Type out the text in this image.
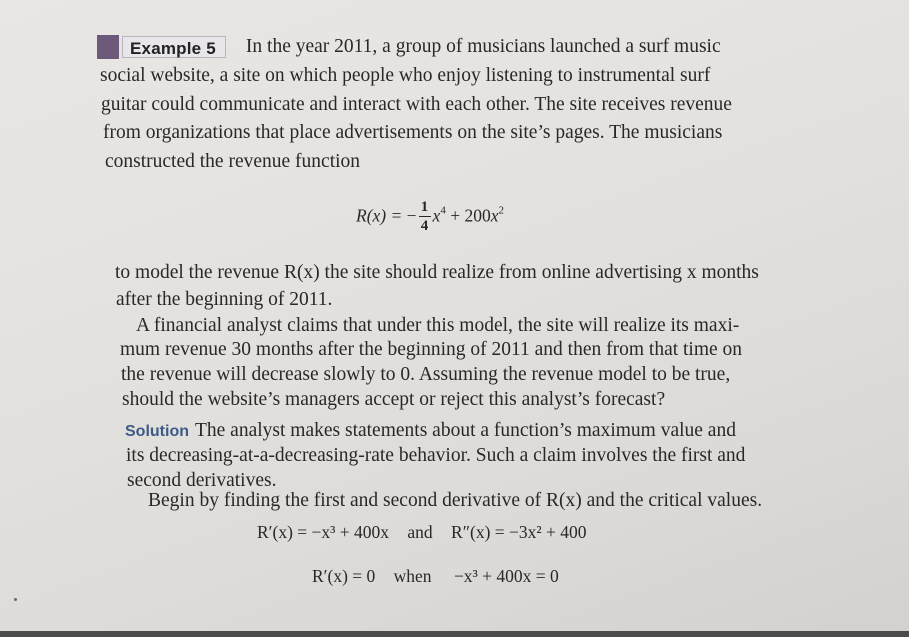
Example 5	In the year 2011, a group of musicians launched a surf music
social website, a site on which people who enjoy listening to instrumental surf
guitar could communicate and interact with each other. The site receives revenue
from organizations that place advertisements on the site’s pages. The musicians
constructed the revenue function
R(x) = − $\frac{1}{4} x^4 + 200x^2$
to model the revenue R(x) the site should realize from online advertising x months
after the beginning of 2011.
A financial analyst claims that under this model, the site will realize its maxi-
mum revenue 30 months after the beginning of 2011 and then from that time on
the revenue will decrease slowly to 0. Assuming the revenue model to be true,
should the website’s managers accept or reject this analyst’s forecast?
Solution The analyst makes statements about a function’s maximum value and
its decreasing-at-a-decreasing-rate behavior. Such a claim involves the first and
second derivatives.
Begin by finding the first and second derivative of R(x) and the critical values.
R′(x) = −x³ + 400x and R″(x) = −3x² + 400
R′(x) = 0 when −x³ + 400x = 0
